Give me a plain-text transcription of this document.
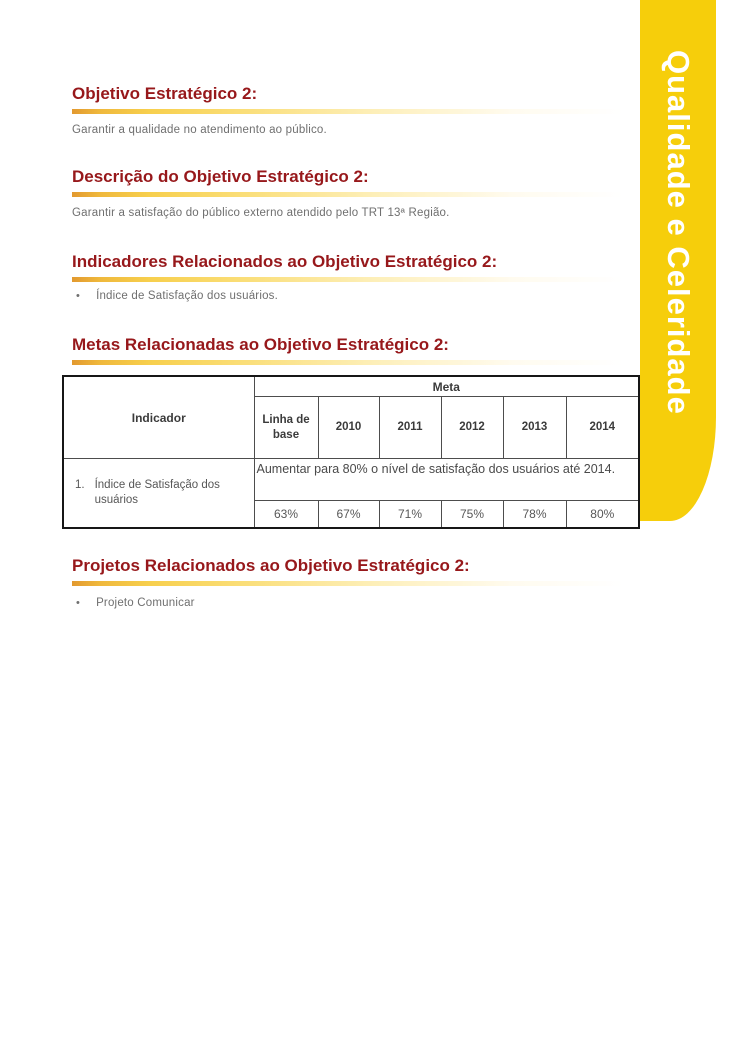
Objetivo Estratégico 2:
Garantir a qualidade no atendimento ao público.
Descrição do Objetivo Estratégico 2:
Garantir a satisfação do público externo atendido pelo TRT 13ª Região.
Indicadores Relacionados ao Objetivo Estratégico 2:
• Índice de Satisfação dos usuários.
Metas Relacionadas ao Objetivo Estratégico 2:
Indicador	Meta					
	Linha de base	2010	2011	2012	2013	2014

1. Índice de Satisfação dos usuários	Aumentar para 80% o nível de satisfação dos usuários até 2014.					
	63%	67%	71%	75%	78%	80%
Projetos Relacionados ao Objetivo Estratégico 2:
• Projeto Comunicar
Qualidade e Celeridade
